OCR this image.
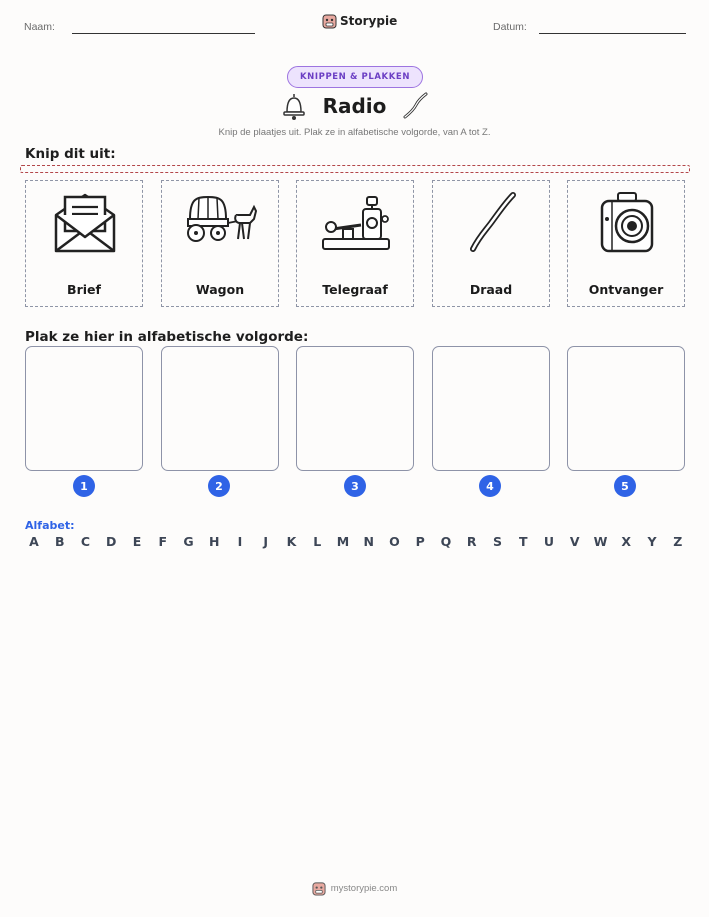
Naam:	Storypie	Datum:
KNIPPEN & PLAKKEN
Radio
Knip de plaatjes uit. Plak ze in alfabetische volgorde, van A tot Z.
Knip dit uit:
Brief	Wagon	Telegraaf	Draad	Ontvanger
Plak ze hier in alfabetische volgorde:
1	2	3	4	5
Alfabet:
A B C D E F G H	I	J	K	L	M N O P Q R S T U V W X Y Z
mystorypie.com
